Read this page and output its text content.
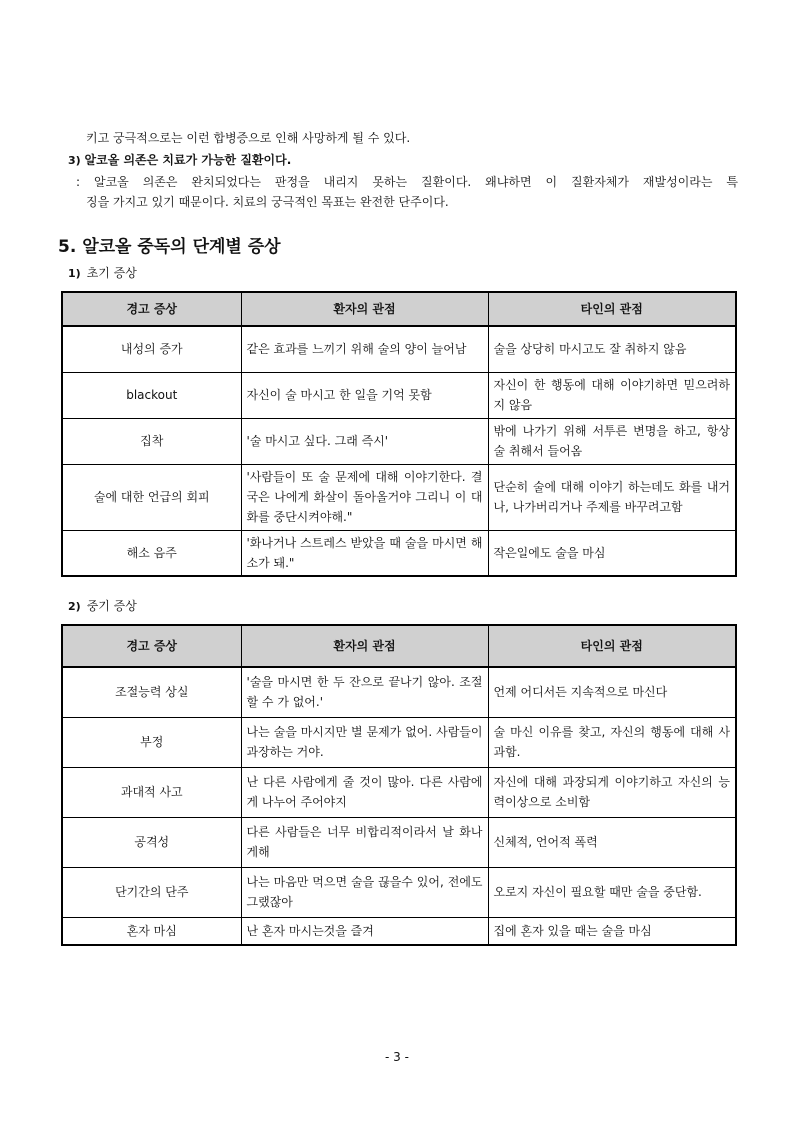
키고 궁극적으로는 이런 합병증으로 인해 사망하게 될 수 있다.
3) 알코올 의존은 치료가 가능한 질환이다.
: 알코올 의존은 완치되었다는 판정을 내리지 못하는 질환이다. 왜냐하면 이 질환자체가 재발성이라는 특
징을 가지고 있기 때문이다. 치료의 궁극적인 목표는 완전한 단주이다.
5. 알코올 중독의 단계별 증상
1) 초기 증상
경고 증상	환자의 관점	타인의 관점
내성의 증가	같은 효과를 느끼기 위해 술의 양이 늘어남	술을 상당히 마시고도 잘 취하지 않음
blackout	자신이 술 마시고 한 일을 기억 못함	자신이 한 행동에 대해 이야기하면 믿으려하지 않음
집착	'술 마시고 싶다. 그래 즉시'	밖에 나가기 위해 서투른 변명을 하고, 항상 술 취해서 들어옴
술에 대한 언급의 회피	'사람들이 또 술 문제에 대해 이야기한다. 결국은 나에게 화살이 돌아올거야 그리니 이 대화를 중단시켜야해."	단순히 술에 대해 이야기 하는데도 화를 내거나, 나가버리거나 주제를 바꾸려고함
해소 음주	'화나거나 스트레스 받았을 때 술을 마시면 해소가 돼."	작은일에도 술을 마심
2) 중기 증상
경고 증상	환자의 관점	타인의 관점
조절능력 상실	'술을 마시면 한 두 잔으로 끝나기 않아. 조절할 수 가 없어.'	언제 어디서든 지속적으로 마신다
부정	나는 술을 마시지만 별 문제가 없어. 사람들이 과장하는 거야.	술 마신 이유를 찾고, 자신의 행동에 대해 사과함.
과대적 사고	난 다른 사람에게 줄 것이 많아. 다른 사람에게 나누어 주어야지	자신에 대해 과장되게 이야기하고 자신의 능력이상으로 소비함
공격성	다른 사람들은 너무 비합리적이라서 날 화나게해	신체적, 언어적 폭력
단기간의 단주	나는 마음만 먹으면 술을 끊을수 있어, 전에도 그랬잖아	오로지 자신이 필요할 때만 술을 중단함.
혼자 마심	난 혼자 마시는것을 즐겨	집에 혼자 있을 때는 술을 마심
- 3 -
